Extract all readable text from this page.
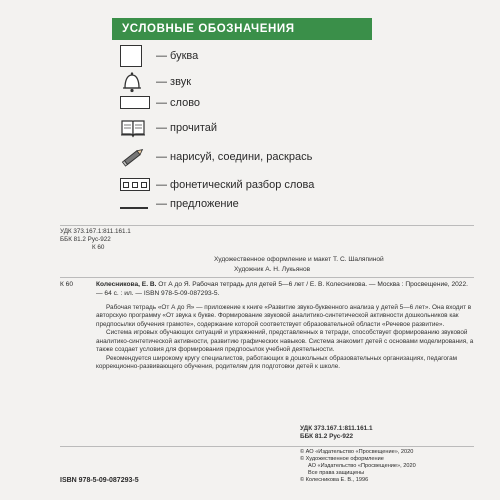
УСЛОВНЫЕ ОБОЗНАЧЕНИЯ
— буква
— звук
— слово
— прочитай
— нарисуй, соедини, раскрась
— фонетический разбор слова
— предложение
УДК 373.167.1:811.161.1
ББК 81.2 Рус-922
К 60
Художественное оформление и макет Т. С. Шаляпиной
Художник А. Н. Лукьянов
К 60	Колесникова, Е. В. От А до Я. Рабочая тетрадь для детей 5—6 лет / Е. В. Колесникова. — Москва : Просвещение, 2022. — 64 с. : ил. — ISBN 978-5-09-087293-5.

Рабочая тетрадь «От А до Я» — приложение к книге «Развитие звуко-буквенного анализа у детей 5—6 лет». Она входит в авторскую программу «От звука к букве. Формирование звуковой аналитико-синтетической активности дошкольников как предпосылки обучения грамоте», содержание которой соответствует образовательной области «Речевое развитие».

Система игровых обучающих ситуаций и упражнений, представленных в тетради, способствует формированию звуковой аналитико-синтетической активности, развитию графических навыков. Система знакомит детей с основами моделирования, а также создает условия для формирования предпосылок учебной деятельности.

Рекомендуется широкому кругу специалистов, работающих в дошкольных образовательных организациях, педагогам коррекционно-развивающего обучения, родителям для подготовки детей к школе.

УДК 373.167.1:811.161.1
ББК 81.2 Рус-922
© АО «Издательство «Просвещение», 2020
© Художественное оформление
АО «Издательство «Просвещение», 2020
Все права защищены
© Колесникова Е. В., 1996
ISBN 978-5-09-087293-5
